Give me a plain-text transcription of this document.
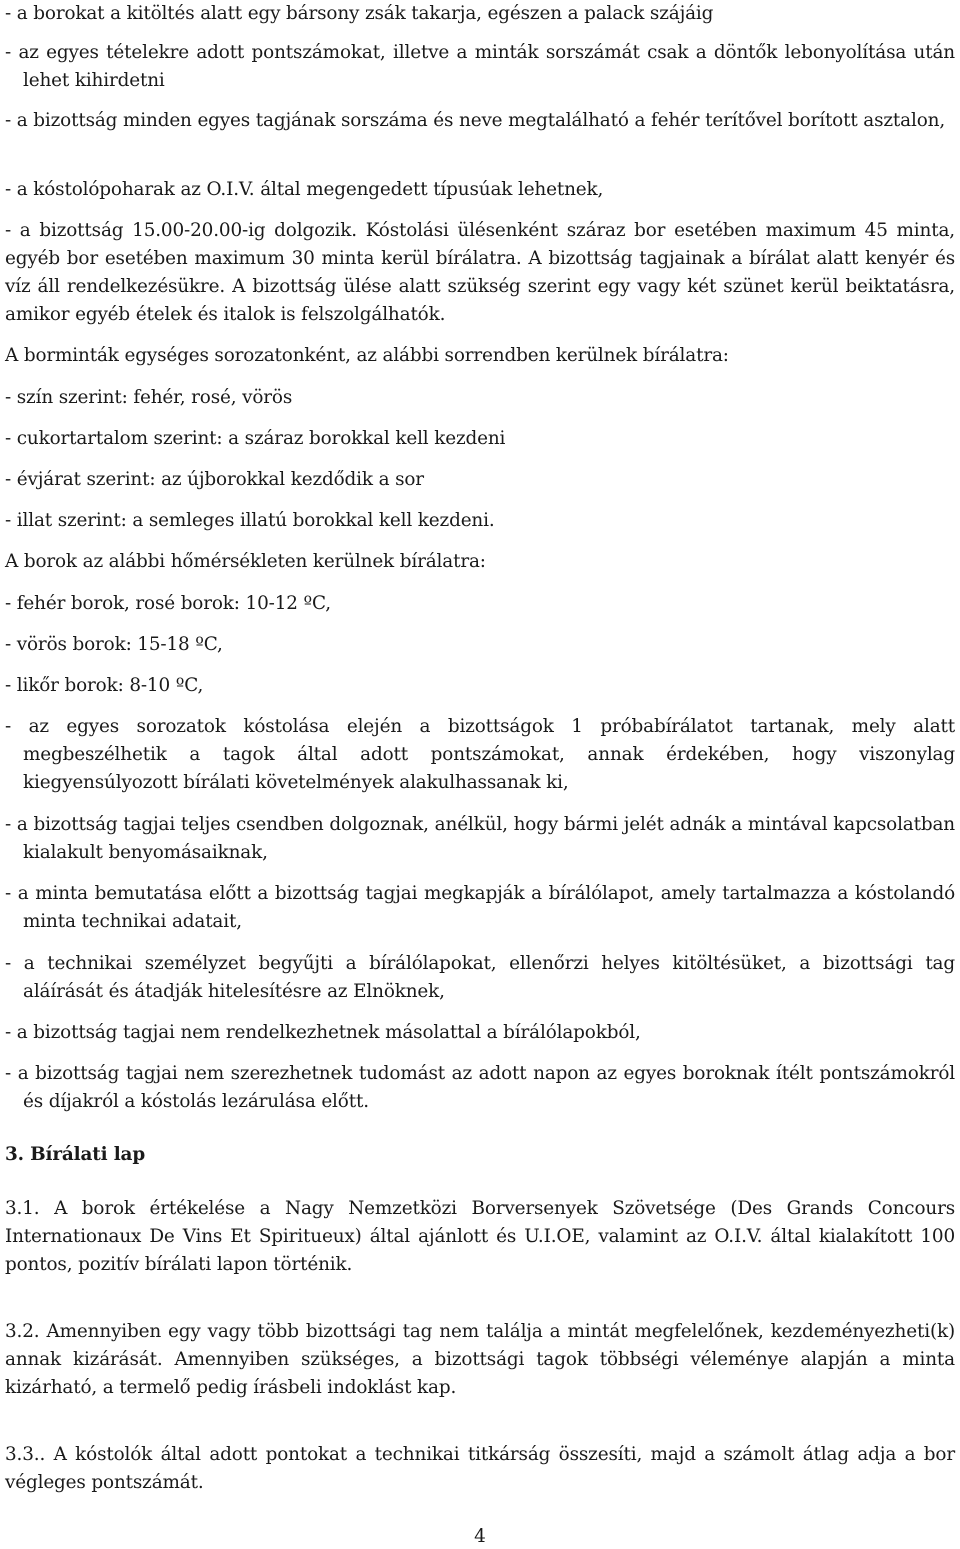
- a borokat a kitöltés alatt egy bársony zsák takarja, egészen a palack szájáig

- az egyes tételekre adott pontszámokat, illetve a minták sorszámát csak a döntők lebonyolítása után lehet kihirdetni

- a bizottság minden egyes tagjának sorszáma és neve megtalálható a fehér terítővel borított asztalon,

- a kóstolópoharak az O.I.V. által megengedett típusúak lehetnek,

- a bizottság 15.00-20.00-ig dolgozik. Kóstolási ülésenként száraz bor esetében maximum 45 minta, egyéb bor esetében maximum 30 minta kerül bírálatra. A bizottság tagjainak a bírálat alatt kenyér és víz áll rendelkezésükre. A bizottság ülése alatt szükség szerint egy vagy két szünet kerül beiktatásra, amikor egyéb ételek és italok is felszolgálhatók.

A borminták egységes sorozatonként, az alábbi sorrendben kerülnek bírálatra:

- szín szerint: fehér, rosé, vörös

- cukortartalom szerint: a száraz borokkal kell kezdeni

- évjárat szerint: az újborokkal kezdődik a sor

- illat szerint: a semleges illatú borokkal kell kezdeni.

A borok az alábbi hőmérsékleten kerülnek bírálatra:

- fehér borok, rosé borok: 10-12 ºC,

- vörös borok: 15-18 ºC,

- likőr borok: 8-10 ºC,

- az egyes sorozatok kóstolása elején a bizottságok 1 próbabírálatot tartanak, mely alatt megbeszélhetik a tagok által adott pontszámokat, annak érdekében, hogy viszonylag kiegyensúlyozott bírálati követelmények alakulhassanak ki,

- a bizottság tagjai teljes csendben dolgoznak, anélkül, hogy bármi jelét adnák a mintával kapcsolatban kialakult benyomásaiknak,

- a minta bemutatása előtt a bizottság tagjai megkapják a bírálólapot, amely tartalmazza a kóstolandó minta technikai adatait,

- a technikai személyzet begyűjti a bírálólapokat, ellenőrzi helyes kitöltésüket, a bizottsági tag aláírását és átadják hitelesítésre az Elnöknek,

- a bizottság tagjai nem rendelkezhetnek másolattal a bírálólapokból,

- a bizottság tagjai nem szerezhetnek tudomást az adott napon az egyes boroknak ítélt pontszámokról és díjakról a kóstolás lezárulása előtt.

3. Bírálati lap

3.1. A borok értékelése a Nagy Nemzetközi Borversenyek Szövetsége (Des Grands Concours Internationaux De Vins Et Spiritueux) által ajánlott és U.I.OE, valamint az O.I.V. által kialakított 100 pontos, pozitív bírálati lapon történik.

3.2. Amennyiben egy vagy több bizottsági tag nem találja a mintát megfelelőnek, kezdeményezheti(k) annak kizárását. Amennyiben szükséges, a bizottsági tagok többségi véleménye alapján a minta kizárható, a termelő pedig írásbeli indoklást kap.

3.3.. A kóstolók által adott pontokat a technikai titkárság összesíti, majd a számolt átlag adja a bor végleges pontszámát.

4
